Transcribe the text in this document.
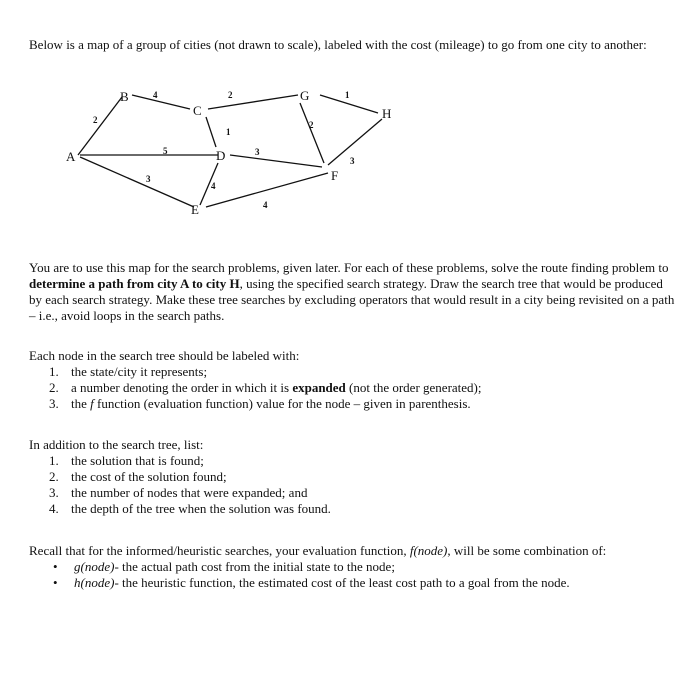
Below is a map of a group of cities (not drawn to scale), labeled with the cost (mileage) to go from one city to another:
A
B
C
D
E
F
G
H
2
4
5
3
1
2
4
3
4
2
1
3
You are to use this map for the search problems, given later. For each of these problems, solve the route finding problem to determine a path from city A to city H, using the specified search strategy. Draw the search tree that would be produced by each search strategy. Make these tree searches by excluding operators that would result in a city being revisited on a path – i.e., avoid loops in the search paths.
Each node in the search tree should be labeled with:
1. the state/city it represents;
2. a number denoting the order in which it is expanded (not the order generated);
3. the f function (evaluation function) value for the node – given in parenthesis.
In addition to the search tree, list:
1. the solution that is found;
2. the cost of the solution found;
3. the number of nodes that were expanded; and
4. the depth of the tree when the solution was found.
Recall that for the informed/heuristic searches, your evaluation function, f(node), will be some combination of:
• g(node)- the actual path cost from the initial state to the node;
• h(node)- the heuristic function, the estimated cost of the least cost path to a goal from the node.
